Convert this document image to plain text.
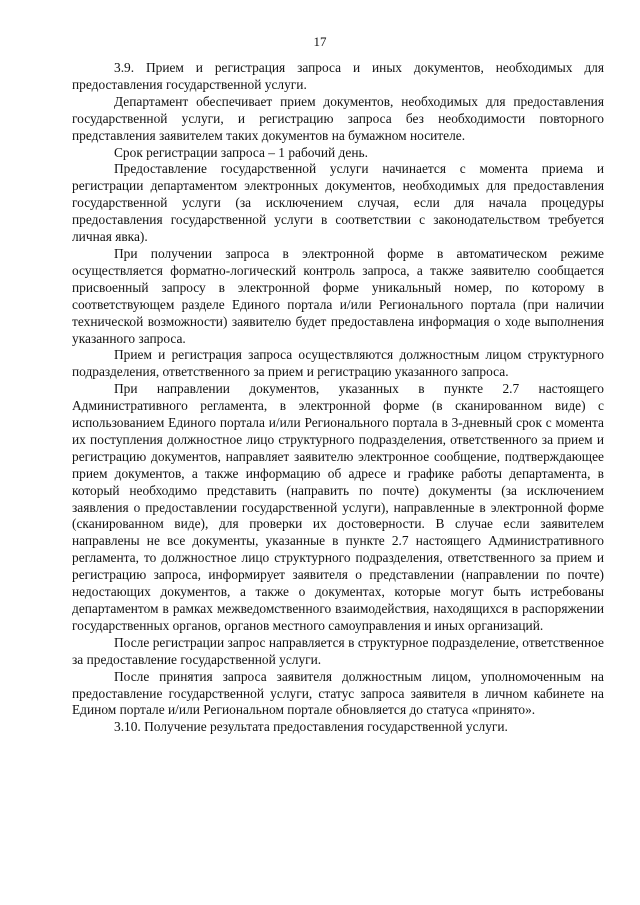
17

3.9. Прием и регистрация запроса и иных документов, необходимых для предоставления государственной услуги.

Департамент обеспечивает прием документов, необходимых для предоставления государственной услуги, и регистрацию запроса без необходимости повторного представления заявителем таких документов на бумажном носителе.

Срок регистрации запроса – 1 рабочий день.

Предоставление государственной услуги начинается с момента приема и регистрации департаментом электронных документов, необходимых для предоставления государственной услуги (за исключением случая, если для начала процедуры предоставления государственной услуги в соответствии с законодательством требуется личная явка).

При получении запроса в электронной форме в автоматическом режиме осуществляется форматно-логический контроль запроса, а также заявителю сообщается присвоенный запросу в электронной форме уникальный номер, по которому в соответствующем разделе Единого портала и/или Регионального портала (при наличии технической возможности) заявителю будет предоставлена информация о ходе выполнения указанного запроса.

Прием и регистрация запроса осуществляются должностным лицом структурного подразделения, ответственного за прием и регистрацию указанного запроса.

При направлении документов, указанных в пункте 2.7 настоящего Административного регламента, в электронной форме (в сканированном виде) с использованием Единого портала и/или Регионального портала в 3-дневный срок с момента их поступления должностное лицо структурного подразделения, ответственного за прием и регистрацию документов, направляет заявителю электронное сообщение, подтверждающее прием документов, а также информацию об адресе и графике работы департамента, в который необходимо представить (направить по почте) документы (за исключением заявления о предоставлении государственной услуги), направленные в электронной форме (сканированном виде), для проверки их достоверности. В случае если заявителем направлены не все документы, указанные в пункте 2.7 настоящего Административного регламента, то должностное лицо структурного подразделения, ответственного за прием и регистрацию запроса, информирует заявителя о представлении (направлении по почте) недостающих документов, а также о документах, которые могут быть истребованы департаментом в рамках межведомственного взаимодействия, находящихся в распоряжении государственных органов, органов местного самоуправления и иных организаций.

После регистрации запрос направляется в структурное подразделение, ответственное за предоставление государственной услуги.

После принятия запроса заявителя должностным лицом, уполномоченным на предоставление государственной услуги, статус запроса заявителя в личном кабинете на Едином портале и/или Региональном портале обновляется до статуса «принято».

3.10. Получение результата предоставления государственной услуги.
